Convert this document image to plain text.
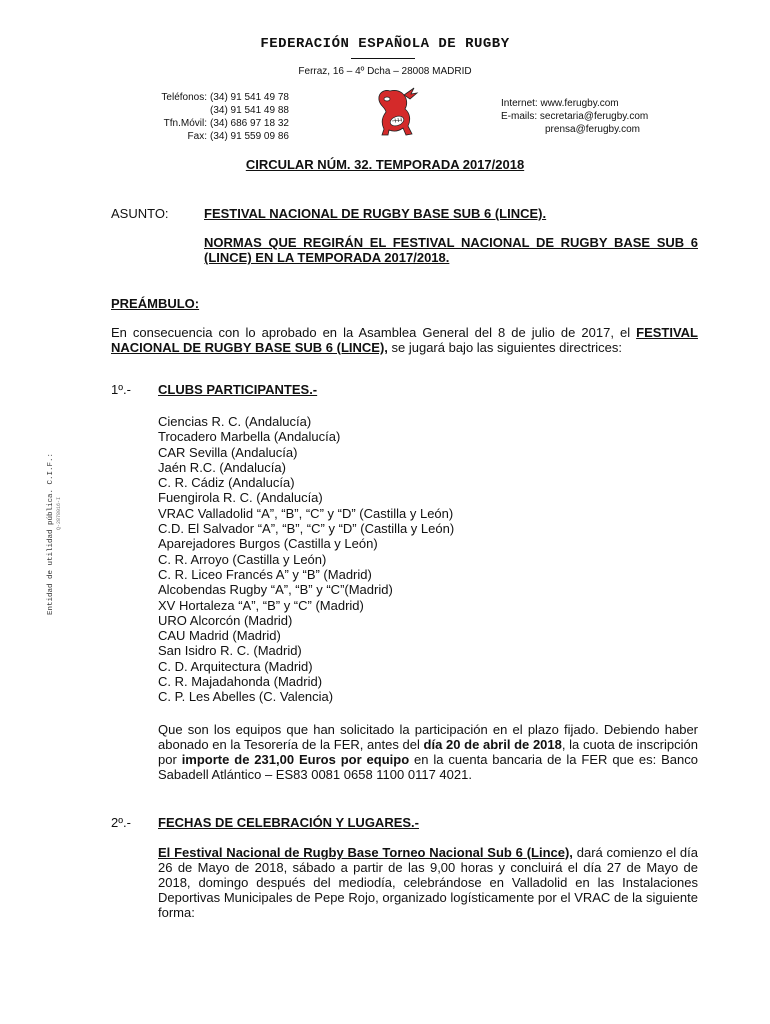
FEDERACIÓN ESPAÑOLA DE RUGBY
Ferraz, 16 – 4º Dcha – 28008 MADRID
Teléfonos: (34) 91 541 49 78
(34) 91 541 49 88
Tfn.Móvil: (34) 686 97 18 32
Fax: (34) 91 559 09 86
Internet: www.ferugby.com
E-mails: secretaria@ferugby.com
prensa@ferugby.com
CIRCULAR NÚM. 32. TEMPORADA 2017/2018
ASUNTO:	FESTIVAL NACIONAL DE RUGBY BASE SUB 6 (LINCE).
NORMAS QUE REGIRÁN EL FESTIVAL NACIONAL DE RUGBY BASE SUB 6 (LINCE) EN LA TEMPORADA 2017/2018.
PREÁMBULO:
En consecuencia con lo aprobado en la Asamblea General del 8 de julio de 2017, el FESTIVAL NACIONAL DE RUGBY BASE SUB 6 (LINCE), se jugará bajo las siguientes directrices:
1º.- CLUBS PARTICIPANTES.-
Ciencias R. C. (Andalucía)
Trocadero Marbella (Andalucía)
CAR Sevilla (Andalucía)
Jaén R.C. (Andalucía)
C. R. Cádiz (Andalucía)
Fuengirola R. C. (Andalucía)
VRAC Valladolid “A”, “B”, “C” y “D” (Castilla y León)
C.D. El Salvador “A”, “B”, “C” y “D” (Castilla y León)
Aparejadores Burgos (Castilla y León)
C. R. Arroyo (Castilla y León)
C. R. Liceo Francés A” y “B” (Madrid)
Alcobendas Rugby “A”, “B” y “C”(Madrid)
XV Hortaleza “A”, “B” y “C” (Madrid)
URO Alcorcón (Madrid)
CAU Madrid (Madrid)
San Isidro R. C. (Madrid)
C. D. Arquitectura (Madrid)
C. R. Majadahonda (Madrid)
C. P. Les Abelles (C. Valencia)
Que son los equipos que han solicitado la participación en el plazo fijado. Debiendo haber abonado en la Tesorería de la FER, antes del día 20 de abril de 2018, la cuota de inscripción por importe de 231,00 Euros por equipo en la cuenta bancaria de la FER que es: Banco Sabadell Atlántico – ES83 0081 0658 1100 0117 4021.
2º.- FECHAS DE CELEBRACIÓN Y LUGARES.-
El Festival Nacional de Rugby Base Torneo Nacional Sub 6 (Lince), dará comienzo el día 26 de Mayo de 2018, sábado a partir de las 9,00 horas y concluirá el día 27 de Mayo de 2018, domingo después del mediodía, celebrándose en Valladolid en las Instalaciones Deportivas Municipales de Pepe Rojo, organizado logísticamente por el VRAC de la siguiente forma:
Entidad de utilidad pública. C.I.F.: Q-2878016-I
